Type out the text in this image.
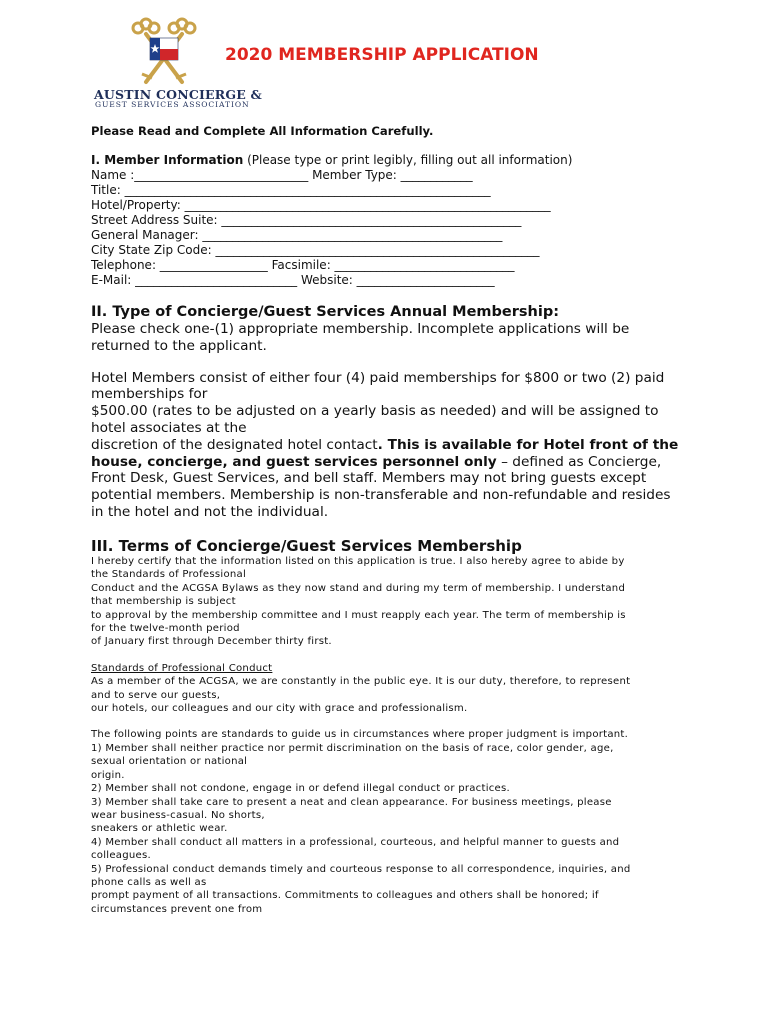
AUSTIN CONCIERGE &
GUEST SERVICES ASSOCIATION
2020 MEMBERSHIP APPLICATION
Please Read and Complete All Information Carefully.
I. Member Information (Please type or print legibly, filling out all information)
Name :_____________________________ Member Type: ____________
Title: _____________________________________________________________
Hotel/Property: _____________________________________________________________
Street Address Suite: __________________________________________________
General Manager: __________________________________________________
City State Zip Code: ______________________________________________________
Telephone: __________________ Facsimile: ______________________________
E-Mail: ___________________________ Website: _______________________
II. Type of Concierge/Guest Services Annual Membership:

Please check one-(1) appropriate membership. Incomplete applications will be returned to the applicant.

Hotel Members consist of either four (4) paid memberships for $800 or two (2) paid memberships for

$500.00 (rates to be adjusted on a yearly basis as needed) and will be assigned to hotel associates at the

discretion of the designated hotel contact. This is available for Hotel front of the house, concierge, and guest services personnel only – defined as Concierge, Front Desk, Guest Services, and bell staff. Members may not bring guests except potential members. Membership is non-transferable and non-refundable and resides in the hotel and not the individual.

III. Terms of Concierge/Guest Services Membership
I hereby certify that the information listed on this application is true. I also hereby agree to abide by
the Standards of Professional
Conduct and the ACGSA Bylaws as they now stand and during my term of membership. I understand
that membership is subject
to approval by the membership committee and I must reapply each year. The term of membership is
for the twelve-month period
of January first through December thirty first.
Standards of Professional Conduct
As a member of the ACGSA, we are constantly in the public eye. It is our duty, therefore, to represent
and to serve our guests,
our hotels, our colleagues and our city with grace and professionalism.
The following points are standards to guide us in circumstances where proper judgment is important.
1) Member shall neither practice nor permit discrimination on the basis of race, color gender, age,
sexual orientation or national
origin.
2) Member shall not condone, engage in or defend illegal conduct or practices.
3) Member shall take care to present a neat and clean appearance. For business meetings, please
wear business-casual. No shorts,
sneakers or athletic wear.
4) Member shall conduct all matters in a professional, courteous, and helpful manner to guests and
colleagues.
5) Professional conduct demands timely and courteous response to all correspondence, inquiries, and
phone calls as well as
prompt payment of all transactions. Commitments to colleagues and others shall be honored; if
circumstances prevent one from
